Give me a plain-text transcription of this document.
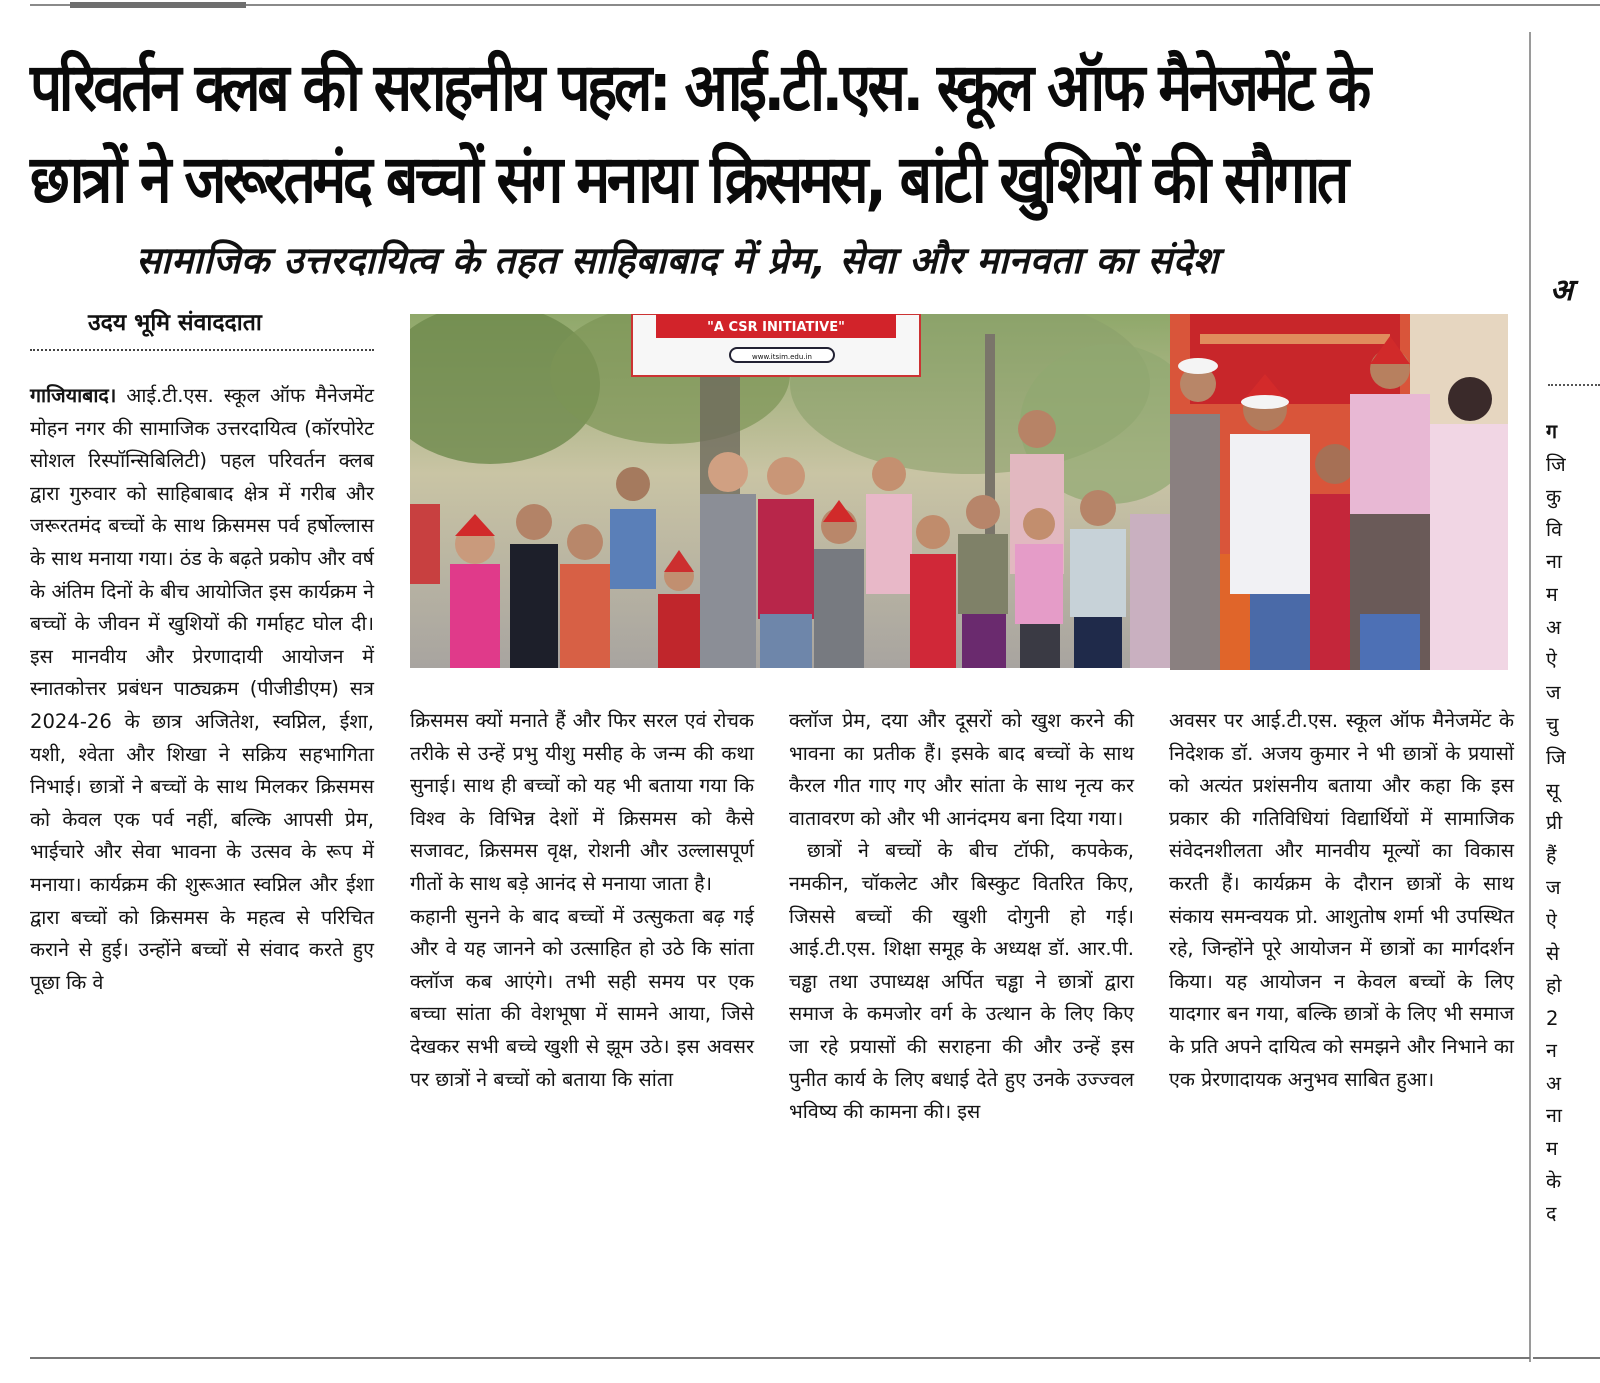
परिवर्तन क्लब की सराहनीय पहल: आई.टी.एस. स्कूल ऑफ मैनेजमेंट के
छात्रों ने जरूरतमंद बच्चों संग मनाया क्रिसमस, बांटी खुशियों की सौगात
सामाजिक उत्तरदायित्व के तहत साहिबाबाद में प्रेम, सेवा और मानवता का संदेश
उदय भूमि संवाददाता

गाजियाबाद। आई.टी.एस. स्कूल ऑफ मैनेजमेंट मोहन नगर की सामाजिक उत्तरदायित्व (कॉरपोरेट सोशल रिस्पॉन्सिबिलिटी) पहल परिवर्तन क्लब द्वारा गुरुवार को साहिबाबाद क्षेत्र में गरीब और जरूरतमंद बच्चों के साथ क्रिसमस पर्व हर्षोल्लास के साथ मनाया गया। ठंड के बढ़ते प्रकोप और वर्ष के अंतिम दिनों के बीच आयोजित इस कार्यक्रम ने बच्चों के जीवन में खुशियों की गर्माहट घोल दी। इस मानवीय और प्रेरणादायी आयोजन में स्नातकोत्तर प्रबंधन पाठ्यक्रम (पीजीडीएम) सत्र 2024-26 के छात्र अजितेश, स्वप्निल, ईशा, यशी, श्वेता और शिखा ने सक्रिय सहभागिता निभाई। छात्रों ने बच्चों के साथ मिलकर क्रिसमस को केवल एक पर्व नहीं, बल्कि आपसी प्रेम, भाईचारे और सेवा भावना के उत्सव के रूप में मनाया। कार्यक्रम की शुरूआत स्वप्निल और ईशा द्वारा बच्चों को क्रिसमस के महत्व से परिचित कराने से हुई। उन्होंने बच्चों से संवाद करते हुए पूछा कि वे

"A CSR INITIATIVE"
www.itsim.edu.in

क्रिसमस क्यों मनाते हैं और फिर सरल एवं रोचक तरीके से उन्हें प्रभु यीशु मसीह के जन्म की कथा सुनाई। साथ ही बच्चों को यह भी बताया गया कि विश्व के विभिन्न देशों में क्रिसमस को कैसे सजावट, क्रिसमस वृक्ष, रोशनी और उल्लासपूर्ण गीतों के साथ बड़े आनंद से मनाया जाता है।

कहानी सुनने के बाद बच्चों में उत्सुकता बढ़ गई और वे यह जानने को उत्साहित हो उठे कि सांता क्लॉज कब आएंगे। तभी सही समय पर एक बच्चा सांता की वेशभूषा में सामने आया, जिसे देखकर सभी बच्चे खुशी से झूम उठे। इस अवसर पर छात्रों ने बच्चों को बताया कि सांता

क्लॉज प्रेम, दया और दूसरों को खुश करने की भावना का प्रतीक हैं। इसके बाद बच्चों के साथ कैरल गीत गाए गए और सांता के साथ नृत्य कर वातावरण को और भी आनंदमय बना दिया गया।

छात्रों ने बच्चों के बीच टॉफी, कपकेक, नमकीन, चॉकलेट और बिस्कुट वितरित किए, जिससे बच्चों की खुशी दोगुनी हो गई। आई.टी.एस. शिक्षा समूह के अध्यक्ष डॉ. आर.पी. चड्ढा तथा उपाध्यक्ष अर्पित चड्ढा ने छात्रों द्वारा समाज के कमजोर वर्ग के उत्थान के लिए किए जा रहे प्रयासों की सराहना की और उन्हें इस पुनीत कार्य के लिए बधाई देते हुए उनके उज्ज्वल भविष्य की कामना की। इस

अवसर पर आई.टी.एस. स्कूल ऑफ मैनेजमेंट के निदेशक डॉ. अजय कुमार ने भी छात्रों के प्रयासों को अत्यंत प्रशंसनीय बताया और कहा कि इस प्रकार की गतिविधियां विद्यार्थियों में सामाजिक संवेदनशीलता और मानवीय मूल्यों का विकास करती हैं। कार्यक्रम के दौरान छात्रों के साथ संकाय समन्वयक प्रो. आशुतोष शर्मा भी उपस्थित रहे, जिन्होंने पूरे आयोजन में छात्रों का मार्गदर्शन किया। यह आयोजन न केवल बच्चों के लिए यादगार बन गया, बल्कि छात्रों के लिए भी समाज के प्रति अपने दायित्व को समझने और निभाने का एक प्रेरणादायक अनुभव साबित हुआ।

अ
ग
जि
कु
वि
ना
म
अ
ऐ
ज
चु
जि
सू
प्री
हैं
ज
ऐ
से
हो
2
न
अ
ना
म
के
द
